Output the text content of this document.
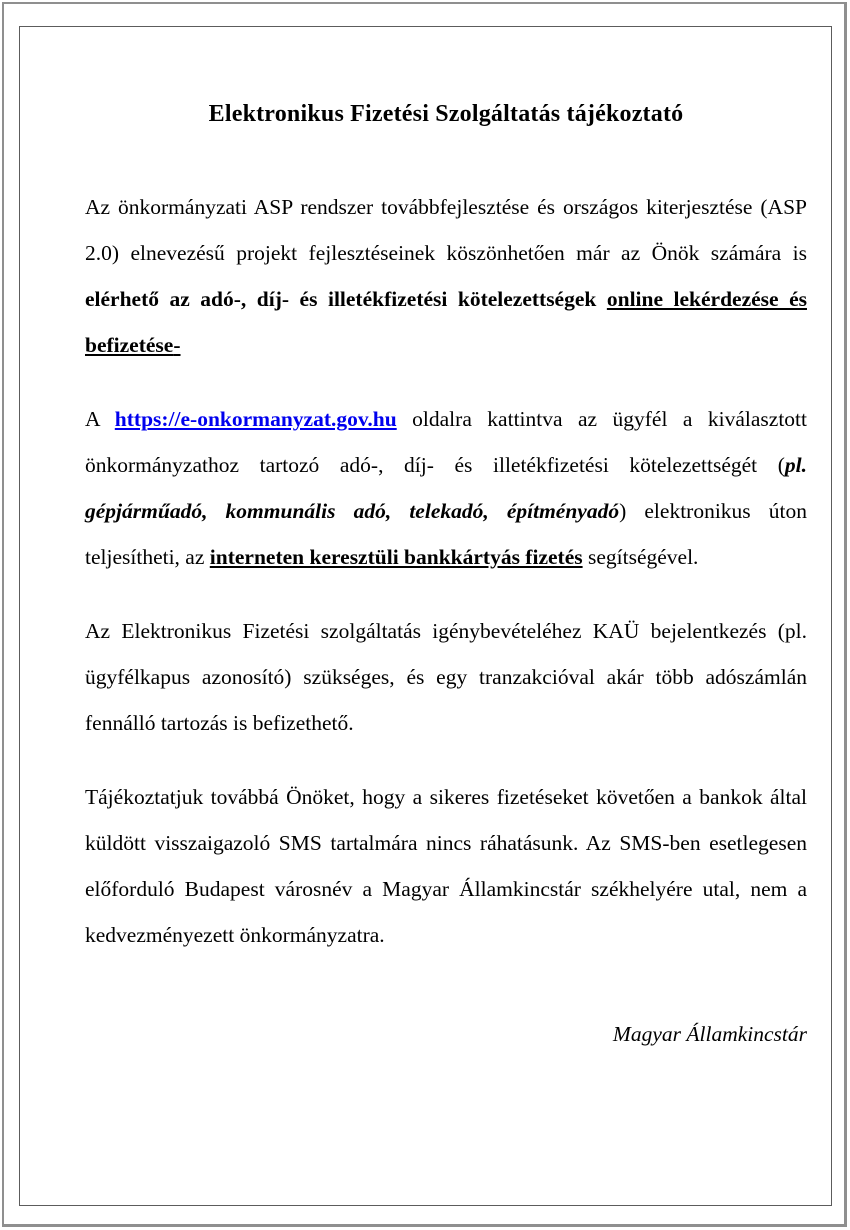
Elektronikus Fizetési Szolgáltatás tájékoztató

Az önkormányzati ASP rendszer továbbfejlesztése és országos kiterjesztése (ASP 2.0) elnevezésű projekt fejlesztéseinek köszönhetően már az Önök számára is elérhető az adó-, díj- és illetékfizetési kötelezettségek online lekérdezése és befizetése-

A https://e-onkormanyzat.gov.hu oldalra kattintva az ügyfél a kiválasztott önkormányzathoz tartozó adó-, díj- és illetékfizetési kötelezettségét (pl. gépjárműadó, kommunális adó, telekadó, építményadó) elektronikus úton teljesítheti, az interneten keresztüli bankkártyás fizetés segítségével.

Az Elektronikus Fizetési szolgáltatás igénybevételéhez KAÜ bejelentkezés (pl. ügyfélkapus azonosító) szükséges, és egy tranzakcióval akár több adószámlán fennálló tartozás is befizethető.

Tájékoztatjuk továbbá Önöket, hogy a sikeres fizetéseket követően a bankok által küldött visszaigazoló SMS tartalmára nincs ráhatásunk. Az SMS-ben esetlegesen előforduló Budapest városnév a Magyar Államkincstár székhelyére utal, nem a kedvezményezett önkormányzatra.

Magyar Államkincstár
